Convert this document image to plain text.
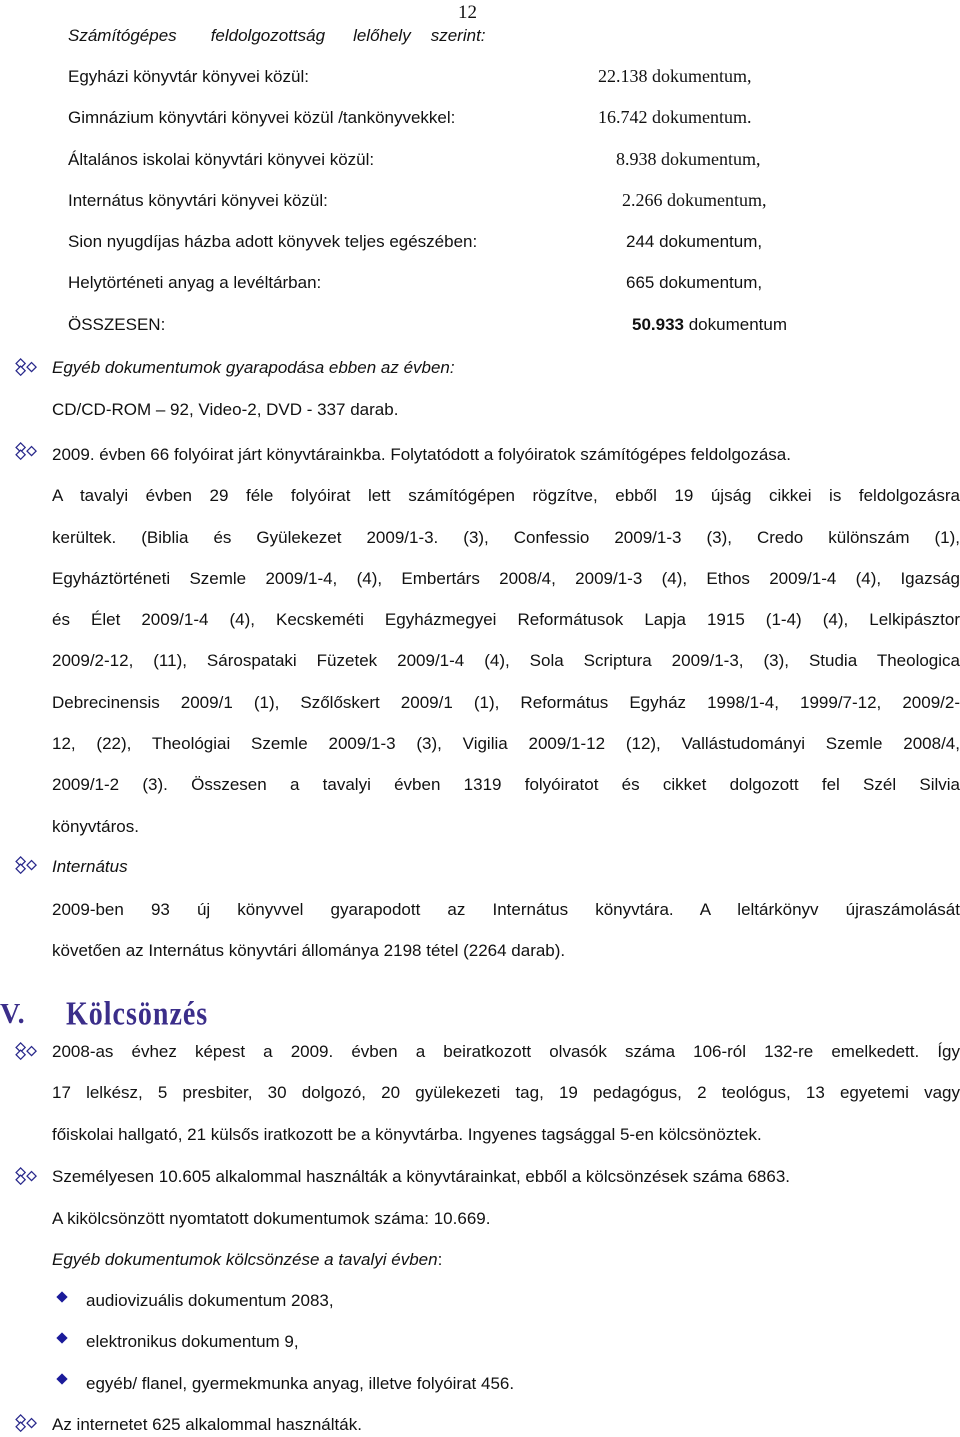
12
Számítógépes feldolgozottság lelőhely szerint:
Egyházi könyvtár könyvei közül:	22.138 dokumentum,
Gimnázium könyvtári könyvei közül /tankönyvekkel:	16.742 dokumentum.
Általános iskolai könyvtári könyvei közül:	8.938 dokumentum,
Internátus könyvtári könyvei közül:	2.266 dokumentum,
Sion nyugdíjas házba adott könyvek teljes egészében:	244 dokumentum,
Helytörténeti anyag a levéltárban:	665 dokumentum,
ÖSSZESEN:	50.933 dokumentum
Egyéb dokumentumok gyarapodása ebben az évben:
CD/CD-ROM – 92, Video-2, DVD - 337 darab.
2009. évben 66 folyóirat járt könyvtárainkba. Folytatódott a folyóiratok számítógépes feldolgozása.
A tavalyi évben 29 féle folyóirat lett számítógépen rögzítve, ebből 19 újság cikkei is feldolgozásra
kerültek. (Biblia és Gyülekezet 2009/1-3. (3), Confessio 2009/1-3 (3), Credo különszám (1),
Egyháztörténeti Szemle 2009/1-4, (4), Embertárs 2008/4, 2009/1-3 (4), Ethos 2009/1-4 (4), Igazság
és Élet 2009/1-4 (4), Kecskeméti Egyházmegyei Reformátusok Lapja 1915 (1-4) (4), Lelkipásztor
2009/2-12, (11), Sárospataki Füzetek 2009/1-4 (4), Sola Scriptura 2009/1-3, (3), Studia Theologica
Debrecinensis 2009/1 (1), Szőlőskert 2009/1 (1), Református Egyház 1998/1-4, 1999/7-12, 2009/2-
12, (22), Theológiai Szemle 2009/1-3 (3), Vigilia 2009/1-12 (12), Vallástudományi Szemle 2008/4,
2009/1-2 (3). Összesen a tavalyi évben 1319 folyóiratot és cikket dolgozott fel Szél Silvia
könyvtáros.
Internátus
2009-ben 93 új könyvvel gyarapodott az Internátus könyvtára. A leltárkönyv újraszámolását
követően az Internátus könyvtári állománya 2198 tétel (2264 darab).
V. Kölcsönzés
2008-as évhez képest a 2009. évben a beiratkozott olvasók száma 106-ról 132-re emelkedett. Így
17 lelkész, 5 presbiter, 30 dolgozó, 20 gyülekezeti tag, 19 pedagógus, 2 teológus, 13 egyetemi vagy
főiskolai hallgató, 21 külsős iratkozott be a könyvtárba. Ingyenes tagsággal 5-en kölcsönöztek.
Személyesen 10.605 alkalommal használták a könyvtárainkat, ebből a kölcsönzések száma 6863.
A kikölcsönzött nyomtatott dokumentumok száma: 10.669.
Egyéb dokumentumok kölcsönzése a tavalyi évben:
audiovizuális dokumentum 2083,
elektronikus dokumentum 9,
egyéb/ flanel, gyermekmunka anyag, illetve folyóirat 456.
Az internetet 625 alkalommal használták.
